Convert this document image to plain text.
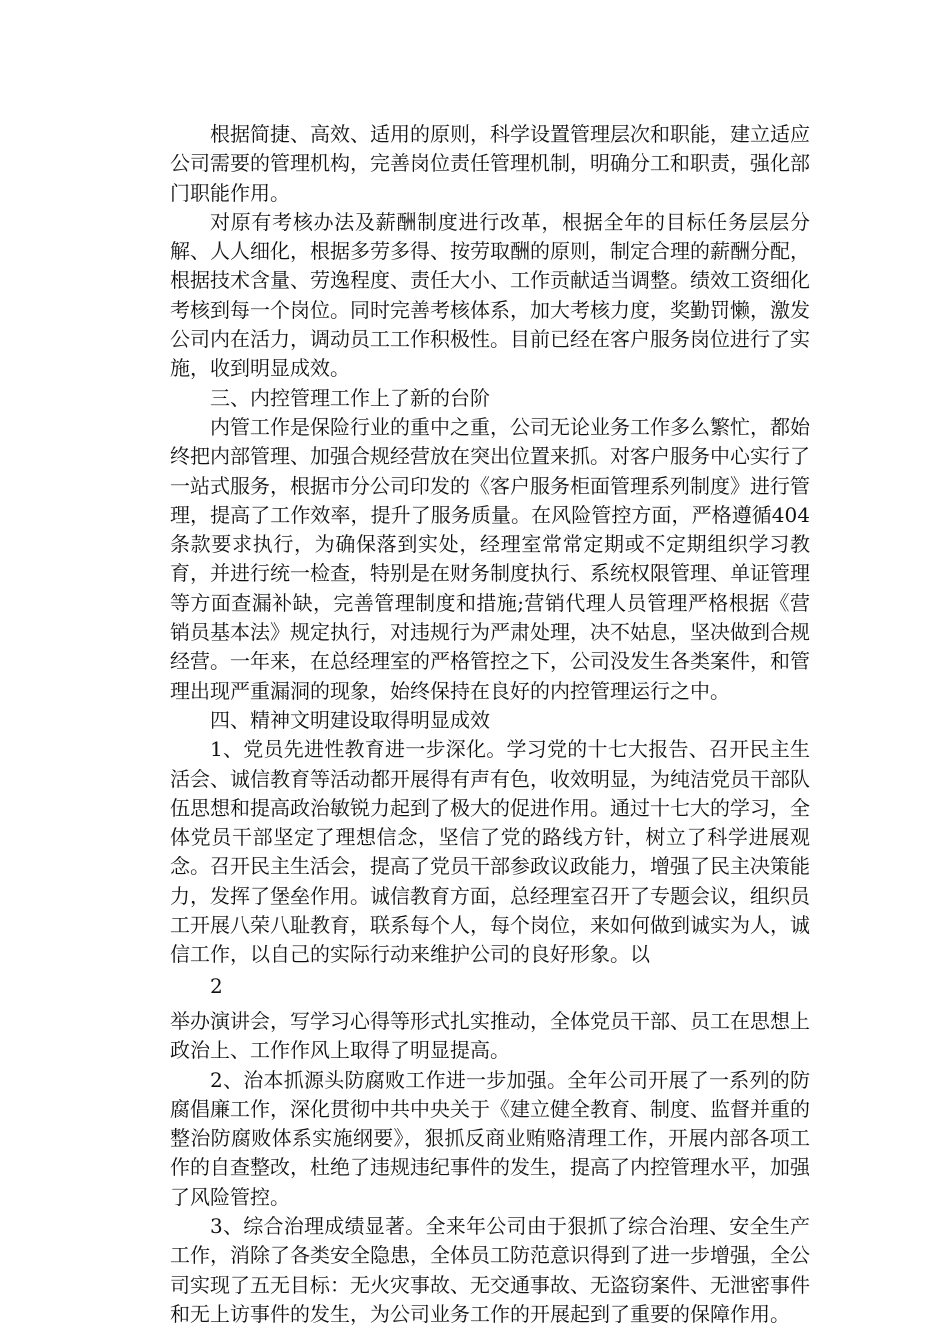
根据简捷、高效、适用的原则，科学设置管理层次和职能，建立适应公司需要的管理机构，完善岗位责任管理机制，明确分工和职责，强化部门职能作用。

对原有考核办法及薪酬制度进行改革，根据全年的目标任务层层分解、人人细化，根据多劳多得、按劳取酬的原则，制定合理的薪酬分配，根据技术含量、劳逸程度、责任大小、工作贡献适当调整。绩效工资细化考核到每一个岗位。同时完善考核体系，加大考核力度，奖勤罚懒，激发公司内在活力，调动员工工作积极性。目前已经在客户服务岗位进行了实施，收到明显成效。

三、内控管理工作上了新的台阶

内管工作是保险行业的重中之重，公司无论业务工作多么繁忙，都始终把内部管理、加强合规经营放在突出位置来抓。对客户服务中心实行了一站式服务，根据市分公司印发的《客户服务柜面管理系列制度》进行管理，提高了工作效率，提升了服务质量。在风险管控方面，严格遵循404条款要求执行，为确保落到实处，经理室常常定期或不定期组织学习教育，并进行统一检查，特别是在财务制度执行、系统权限管理、单证管理等方面查漏补缺，完善管理制度和措施;营销代理人员管理严格根据《营销员基本法》规定执行，对违规行为严肃处理，决不姑息，坚决做到合规经营。一年来，在总经理室的严格管控之下，公司没发生各类案件，和管理出现严重漏洞的现象，始终保持在良好的内控管理运行之中。

四、精神文明建设取得明显成效

1、党员先进性教育进一步深化。学习党的十七大报告、召开民主生活会、诚信教育等活动都开展得有声有色，收效明显，为纯洁党员干部队伍思想和提高政治敏锐力起到了极大的促进作用。通过十七大的学习，全体党员干部坚定了理想信念，坚信了党的路线方针，树立了科学进展观念。召开民主生活会，提高了党员干部参政议政能力，增强了民主决策能力，发挥了堡垒作用。诚信教育方面，总经理室召开了专题会议，组织员工开展八荣八耻教育，联系每个人，每个岗位，来如何做到诚实为人，诚信工作，以自己的实际行动来维护公司的良好形象。以

2

举办演讲会，写学习心得等形式扎实推动，全体党员干部、员工在思想上政治上、工作作风上取得了明显提高。

2、治本抓源头防腐败工作进一步加强。全年公司开展了一系列的防腐倡廉工作，深化贯彻中共中央关于《建立健全教育、制度、监督并重的整治防腐败体系实施纲要》，狠抓反商业贿赂清理工作，开展内部各项工作的自查整改，杜绝了违规违纪事件的发生，提高了内控管理水平，加强了风险管控。

3、综合治理成绩显著。全来年公司由于狠抓了综合治理、安全生产工作，消除了各类安全隐患，全体员工防范意识得到了进一步增强，全公司实现了五无目标：无火灾事故、无交通事故、无盗窃案件、无泄密事件和无上访事件的发生，为公司业务工作的开展起到了重要的保障作用。
